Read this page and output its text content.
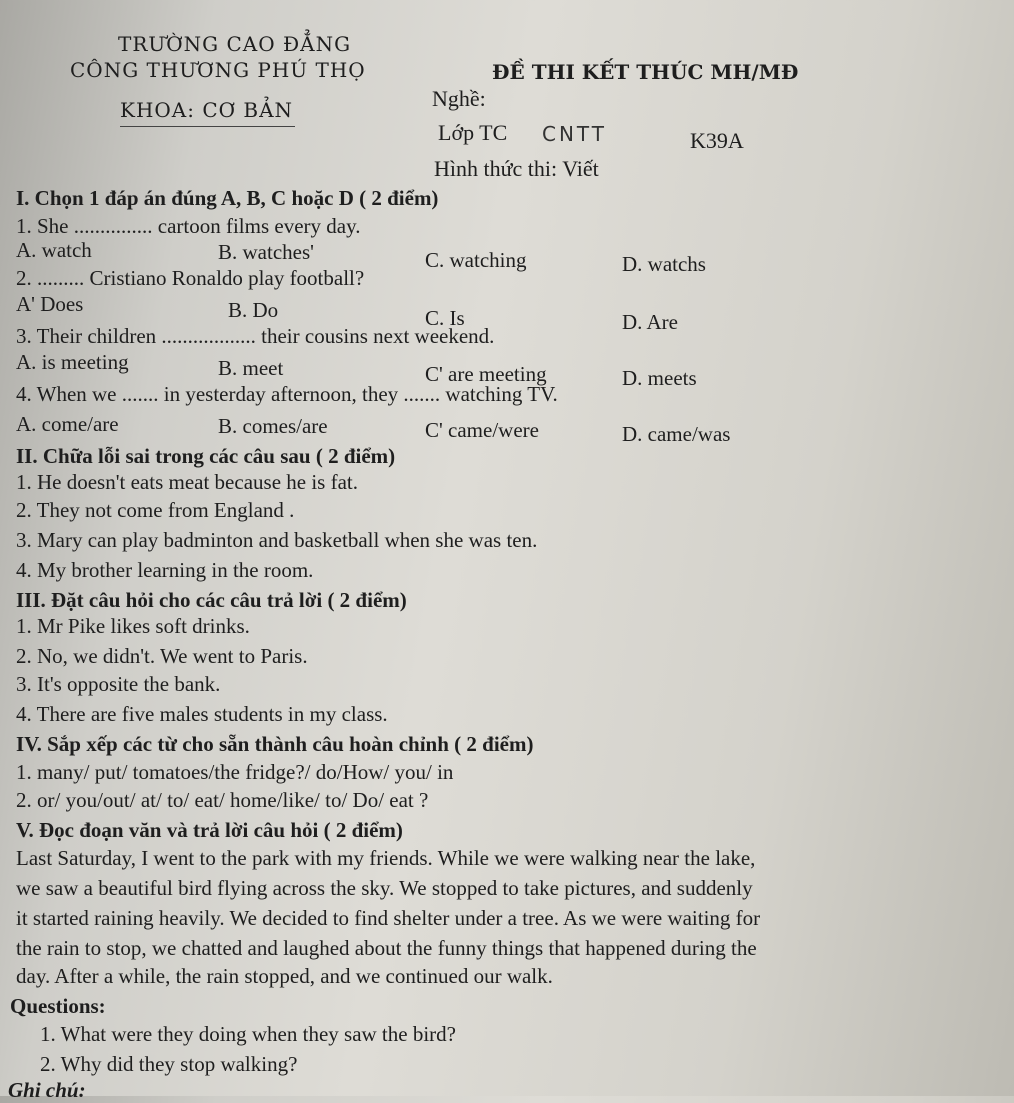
TRƯỜNG CAO ĐẲNG
CÔNG THƯƠNG PHÚ THỌ
KHOA: CƠ BẢN
ĐỀ THI KẾT THÚC MH/MĐ
Nghề:
Lớp TC CNTT	K39A
Hình thức thi: Viết
I. Chọn 1 đáp án đúng A, B, C hoặc D ( 2 điểm)
1. She ............... cartoon films every day.
A. watch	B. watches'	C. watching	D. watchs
2. ......... Cristiano Ronaldo play football?
A' Does	B. Do	C. Is	D. Are
3. Their children .................. their cousins next weekend.
A. is meeting	B. meet	C' are meeting	D. meets
4. When we ....... in yesterday afternoon, they ....... watching TV.
A. come/are	B. comes/are	C' came/were	D. came/was
II. Chữa lỗi sai trong các câu sau ( 2 điểm)
1. He doesn't eats meat because he is fat.
2. They not come from England .
3. Mary can play badminton and basketball when she was ten.
4. My brother learning in the room.
III. Đặt câu hỏi cho các câu trả lời ( 2 điểm)
1. Mr Pike likes soft drinks.
2. No, we didn't. We went to Paris.
3. It's opposite the bank.
4. There are five males students in my class.
IV. Sắp xếp các từ cho sẵn thành câu hoàn chỉnh ( 2 điểm)
1. many/ put/ tomatoes/the fridge?/ do/How/ you/ in
2. or/ you/out/ at/ to/ eat/ home/like/ to/ Do/ eat ?
V. Đọc đoạn văn và trả lời câu hỏi ( 2 điểm)
Last Saturday, I went to the park with my friends. While we were walking near the lake,
we saw a beautiful bird flying across the sky. We stopped to take pictures, and suddenly
it started raining heavily. We decided to find shelter under a tree. As we were waiting for
the rain to stop, we chatted and laughed about the funny things that happened during the
day. After a while, the rain stopped, and we continued our walk.
Questions:
1. What were they doing when they saw the bird?
2. Why did they stop walking?
Ghi chú:
